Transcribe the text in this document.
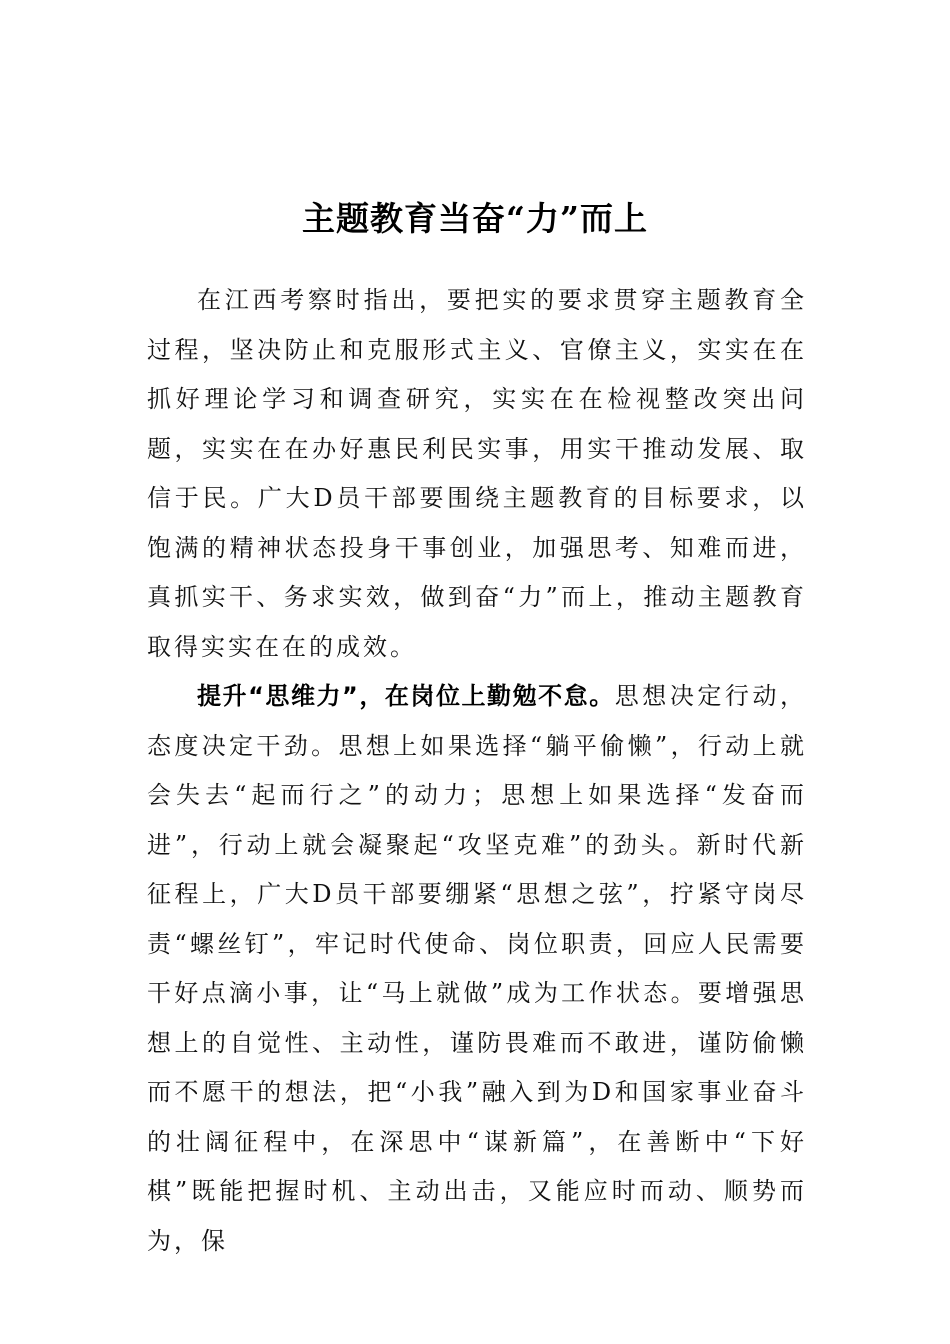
主题教育当奋“力”而上

在江西考察时指出，要把实的要求贯穿主题教育全过程，坚决防止和克服形式主义、官僚主义，实实在在抓好理论学习和调查研究，实实在在检视整改突出问题，实实在在办好惠民利民实事，用实干推动发展、取信于民。广大D员干部要围绕主题教育的目标要求，以饱满的精神状态投身干事创业，加强思考、知难而进，真抓实干、务求实效，做到奋“力”而上，推动主题教育取得实实在在的成效。

提升“思维力”，在岗位上勤勉不怠。思想决定行动，态度决定干劲。思想上如果选择“躺平偷懒”，行动上就会失去“起而行之”的动力；思想上如果选择“发奋而进”，行动上就会凝聚起“攻坚克难”的劲头。新时代新征程上，广大D员干部要绷紧“思想之弦”，拧紧守岗尽责“螺丝钉”，牢记时代使命、岗位职责，回应人民需要干好点滴小事，让“马上就做”成为工作状态。要增强思想上的自觉性、主动性，谨防畏难而不敢进，谨防偷懒而不愿干的想法，把“小我”融入到为D和国家事业奋斗的壮阔征程中，在深思中“谋新篇”，在善断中“下好棋”既能把握时机、主动出击，又能应时而动、顺势而为，保
